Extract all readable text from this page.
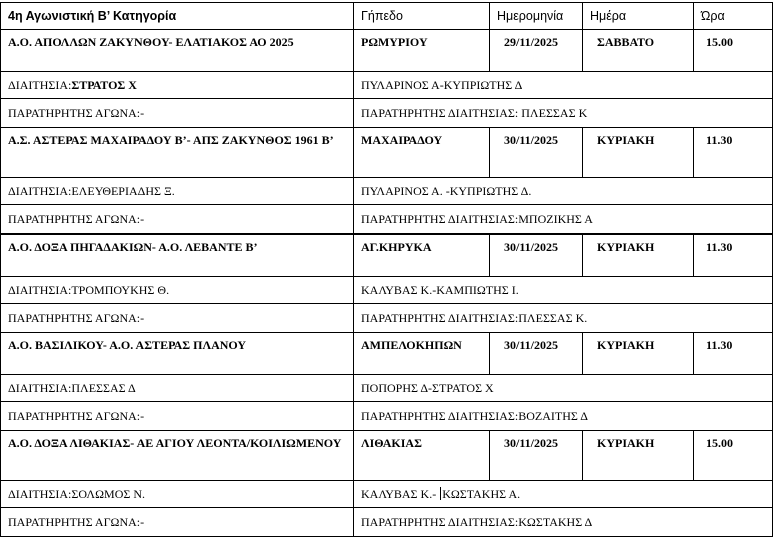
4η Αγωνιστική Β’ Κατηγορία	Γήπεδο	Ημερομηνία	Ημέρα	Ώρα
Α.Ο. ΑΠΟΛΛΩΝ ΖΑΚΥΝΘΟΥ- ΕΛΑΤΙΑΚΟΣ ΑΟ 2025	ΡΩΜΥΡΙΟΥ	29/11/2025	ΣΑΒΒΑΤΟ	15.00
ΔΙΑΙΤΗΣΙΑ:ΣΤΡΑΤΟΣ Χ	ΠΥΛΑΡΙΝΟΣ Α-ΚΥΠΡΙΩΤΗΣ Δ			
ΠΑΡΑΤΗΡΗΤΗΣ ΑΓΩΝΑ:-	ΠΑΡΑΤΗΡΗΤΗΣ ΔΙΑΙΤΗΣΙΑΣ: ΠΛΕΣΣΑΣ Κ			
Α.Σ. ΑΣΤΕΡΑΣ ΜΑΧΑΙΡΑΔΟΥ Β’- ΑΠΣ ΖΑΚΥΝΘΟΣ 1961 Β’	ΜΑΧΑΙΡΑΔΟΥ	30/11/2025	ΚΥΡΙΑΚΗ	11.30
ΔΙΑΙΤΗΣΙΑ:ΕΛΕΥΘΕΡΙΑΔΗΣ Ξ.	ΠΥΛΑΡΙΝΟΣ Α. -ΚΥΠΡΙΩΤΗΣ Δ.			
ΠΑΡΑΤΗΡΗΤΗΣ ΑΓΩΝΑ:-	ΠΑΡΑΤΗΡΗΤΗΣ ΔΙΑΙΤΗΣΙΑΣ:ΜΠΟΖΙΚΗΣ Α			
Α.Ο. ΔΟΞΑ ΠΗΓΑΔΑΚΙΩΝ- Α.Ο. ΛΕΒΑΝΤΕ Β’	ΑΓ.ΚΗΡΥΚΑ	30/11/2025	ΚΥΡΙΑΚΗ	11.30
ΔΙΑΙΤΗΣΙΑ:ΤΡΟΜΠΟΥΚΗΣ Θ.	ΚΑΛΥΒΑΣ Κ.-ΚΑΜΠΙΩΤΗΣ Ι.			
ΠΑΡΑΤΗΡΗΤΗΣ ΑΓΩΝΑ:-	ΠΑΡΑΤΗΡΗΤΗΣ ΔΙΑΙΤΗΣΙΑΣ:ΠΛΕΣΣΑΣ Κ.			
Α.Ο. ΒΑΣΙΛΙΚΟΥ- Α.Ο. ΑΣΤΕΡΑΣ ΠΛΑΝΟΥ	ΑΜΠΕΛΟΚΗΠΩΝ	30/11/2025	ΚΥΡΙΑΚΗ	11.30
ΔΙΑΙΤΗΣΙΑ:ΠΛΕΣΣΑΣ Δ	ΠΟΠΟΡΗΣ Δ-ΣΤΡΑΤΟΣ Χ			
ΠΑΡΑΤΗΡΗΤΗΣ ΑΓΩΝΑ:-	ΠΑΡΑΤΗΡΗΤΗΣ ΔΙΑΙΤΗΣΙΑΣ:ΒΟΖΑΙΤΗΣ Δ			
Α.Ο. ΔΟΞΑ ΛΙΘΑΚΙΑΣ- ΑΕ ΑΓΙΟΥ ΛΕΟΝΤΑ/ΚΟΙΛΙΩΜΕΝΟΥ	ΛΙΘΑΚΙΑΣ	30/11/2025	ΚΥΡΙΑΚΗ	15.00
ΔΙΑΙΤΗΣΙΑ:ΣΟΛΩΜΟΣ Ν.	ΚΑΛΥΒΑΣ Κ.- ΚΩΣΤΑΚΗΣ Α.			
ΠΑΡΑΤΗΡΗΤΗΣ ΑΓΩΝΑ:-	ΠΑΡΑΤΗΡΗΤΗΣ ΔΙΑΙΤΗΣΙΑΣ:ΚΩΣΤΑΚΗΣ Δ			
